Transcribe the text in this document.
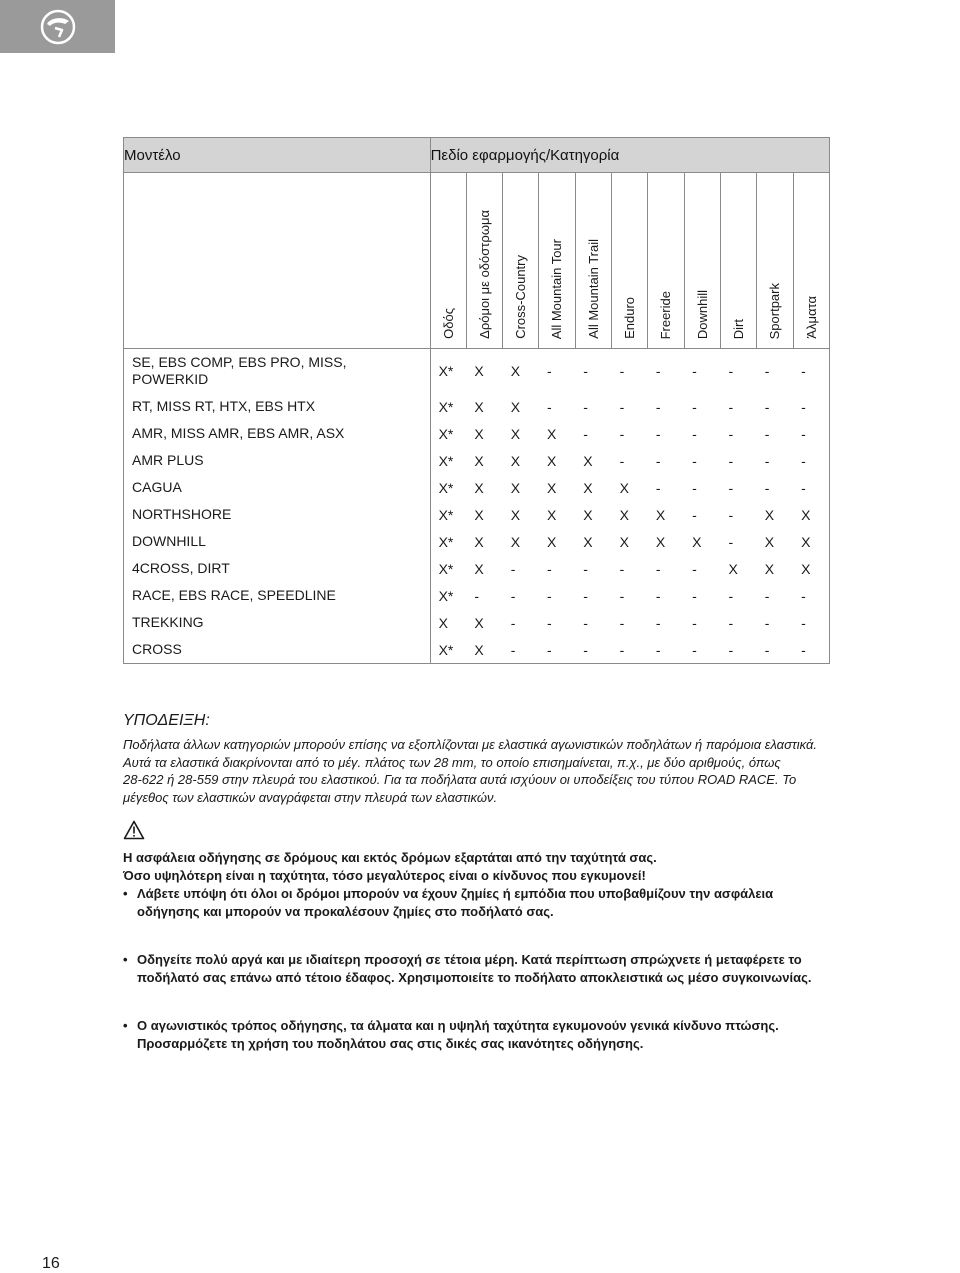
Μοντέλο	Πεδίο εφαρμογής/Κατηγορία										
	Οδός	Δρόμοι με οδόστρωμα	Cross-Country	All Mountain Tour	All Mountain Trail	Enduro	Freeride	Downhill	Dirt	Sportpark	Άλματα
SE, EBS COMP, EBS PRO, MISS, POWERKID	X*	X	X	-	-	-	-	-	-	-	-
RT, MISS RT, HTX, EBS HTX	X*	X	X	-	-	-	-	-	-	-	-
AMR, MISS AMR, EBS AMR, ASX	X*	X	X	X	-	-	-	-	-	-	-
AMR PLUS	X*	X	X	X	X	-	-	-	-	-	-
CAGUA	X*	X	X	X	X	X	-	-	-	-	-
NORTHSHORE	X*	X	X	X	X	X	X	-	-	X	X
DOWNHILL	X*	X	X	X	X	X	X	X	-	X	X
4CROSS, DIRT	X*	X	-	-	-	-	-	-	X	X	X
RACE, EBS RACE, SPEEDLINE	X*	-	-	-	-	-	-	-	-	-	-
TREKKING	X	X	-	-	-	-	-	-	-	-	-
CROSS	X*	X	-	-	-	-	-	-	-	-	-
ΥΠΟΔΕΙΞΗ:

Ποδήλατα άλλων κατηγοριών μπορούν επίσης να εξοπλίζονται με ελαστικά αγωνιστικών ποδηλάτων ή παρόμοια ελαστικά.

Αυτά τα ελαστικά διακρίνονται από το μέγ. πλάτος των 28 mm, το οποίο επισημαίνεται, π.χ., με δύο αριθμούς, όπως

28-622 ή 28-559 στην πλευρά του ελαστικού. Για τα ποδήλατα αυτά ισχύουν οι υποδείξεις του τύπου ROAD RACE. Το

μέγεθος των ελαστικών αναγράφεται στην πλευρά των ελαστικών.

Η ασφάλεια οδήγησης σε δρόμους και εκτός δρόμων εξαρτάται από την ταχύτητά σας.

Όσο υψηλότερη είναι η ταχύτητα, τόσο μεγαλύτερος είναι ο κίνδυνος που εγκυμονεί!

• Λάβετε υπόψη ότι όλοι οι δρόμοι μπορούν να έχουν ζημίες ή εμπόδια που υποβαθμίζουν την ασφάλεια
οδήγησης και μπορούν να προκαλέσουν ζημίες στο ποδήλατό σας.
• Οδηγείτε πολύ αργά και με ιδιαίτερη προσοχή σε τέτοια μέρη. Κατά περίπτωση σπρώχνετε ή μεταφέρετε το
ποδήλατό σας επάνω από τέτοιο έδαφος. Χρησιμοποιείτε το ποδήλατο αποκλειστικά ως μέσο συγκοινωνίας.
• Ο αγωνιστικός τρόπος οδήγησης, τα άλματα και η υψηλή ταχύτητα εγκυμονούν γενικά κίνδυνο πτώσης.
Προσαρμόζετε τη χρήση του ποδηλάτου σας στις δικές σας ικανότητες οδήγησης.
16
